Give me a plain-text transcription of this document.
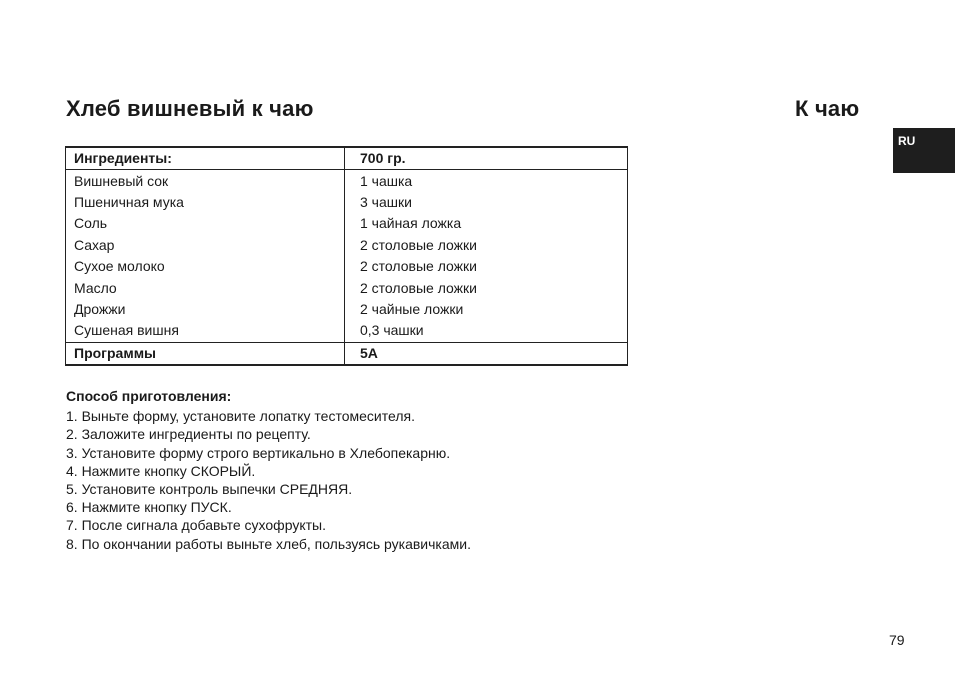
Хлеб вишневый к чаю	К чаю
RU
Ингредиенты:	700 гр.
Вишневый сок	1 чашка
Пшеничная мука	3 чашки
Соль	1 чайная ложка
Сахар	2 столовые ложки
Сухое молоко	2 столовые ложки
Масло	2 столовые ложки
Дрожжи	2 чайные ложки
Сушеная вишня	0,3 чашки
Программы	5А

Способ приготовления:

1. Выньте форму, установите лопатку тестомесителя.
2. Заложите ингредиенты по рецепту.
3. Установите форму строго вертикально в Хлебопекарню.
4. Нажмите кнопку СКОРЫЙ.
5. Установите контроль выпечки СРЕДНЯЯ.
6. Нажмите кнопку ПУСК.
7. После сигнала добавьте сухофрукты.
8. По окончании работы выньте хлеб, пользуясь рукавичками.
79
